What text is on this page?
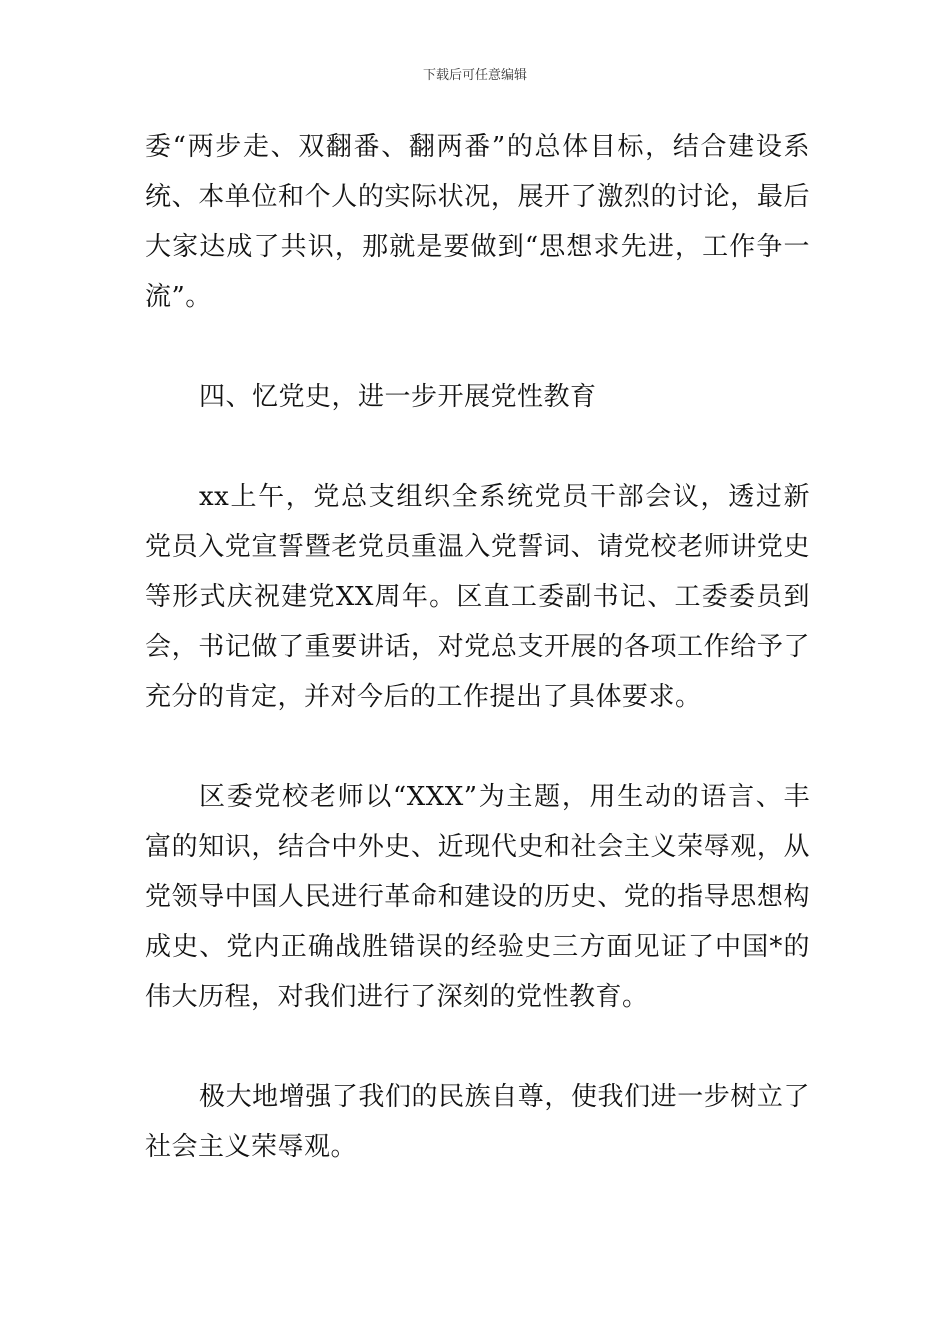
下载后可任意编辑

委“两步走、双翻番、翻两番”的总体目标，结合建设系统、本单位和个人的实际状况，展开了激烈的讨论，最后大家达成了共识，那就是要做到“思想求先进，工作争一流”。

四、忆党史，进一步开展党性教育

xx上午，党总支组织全系统党员干部会议，透过新党员入党宣誓暨老党员重温入党誓词、请党校老师讲党史等形式庆祝建党XX周年。区直工委副书记、工委委员到会，书记做了重要讲话，对党总支开展的各项工作给予了充分的肯定，并对今后的工作提出了具体要求。

区委党校老师以“XXX”为主题，用生动的语言、丰富的知识，结合中外史、近现代史和社会主义荣辱观，从党领导中国人民进行革命和建设的历史、党的指导思想构成史、党内正确战胜错误的经验史三方面见证了中国*的伟大历程，对我们进行了深刻的党性教育。

极大地增强了我们的民族自尊，使我们进一步树立了社会主义荣辱观。
